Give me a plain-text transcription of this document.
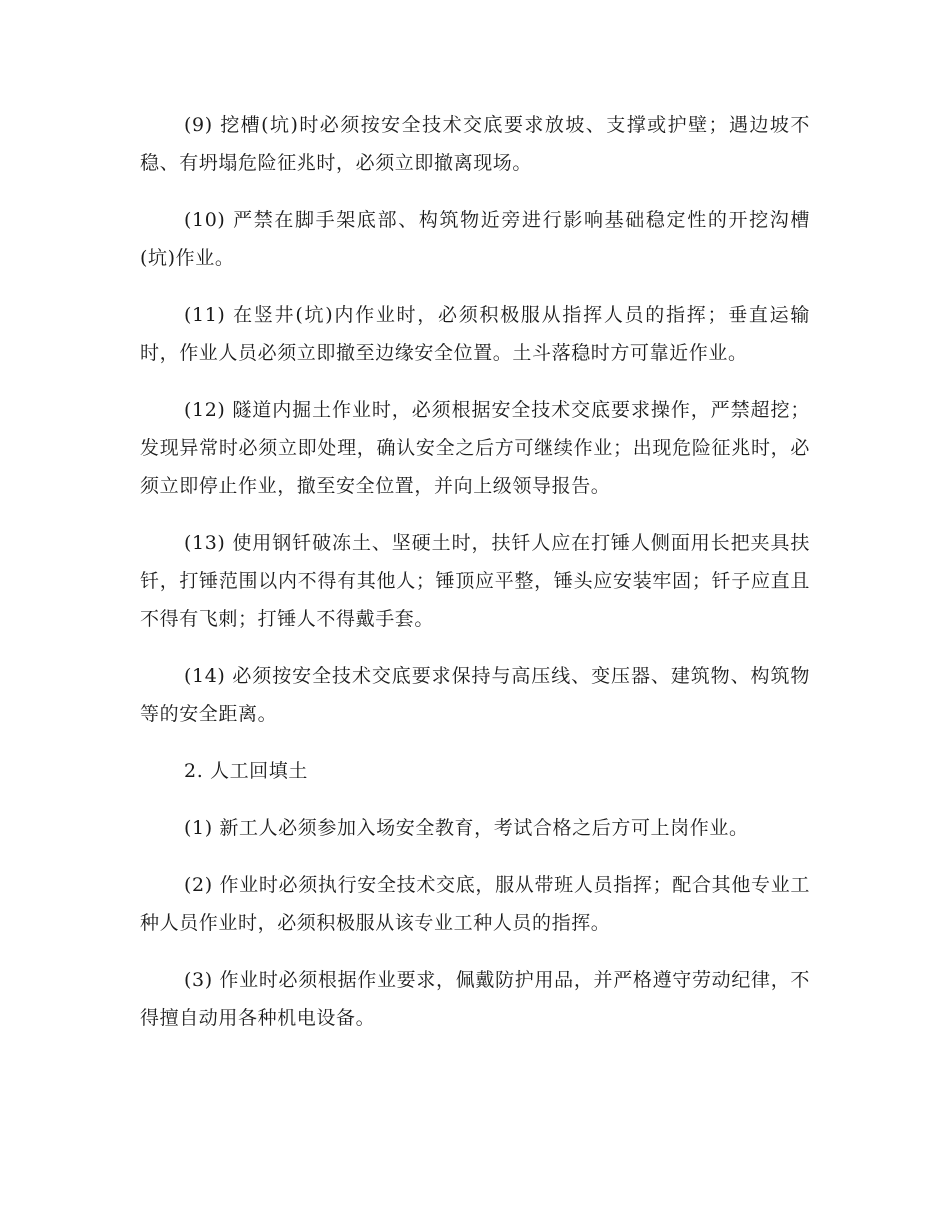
(9) 挖槽(坑)时必须按安全技术交底要求放坡、支撑或护壁；遇边坡不稳、有坍塌危险征兆时，必须立即撤离现场。

(10) 严禁在脚手架底部、构筑物近旁进行影响基础稳定性的开挖沟槽(坑)作业。

(11) 在竖井(坑)内作业时，必须积极服从指挥人员的指挥；垂直运输时，作业人员必须立即撤至边缘安全位置。土斗落稳时方可靠近作业。

(12) 隧道内掘土作业时，必须根据安全技术交底要求操作，严禁超挖；发现异常时必须立即处理，确认安全之后方可继续作业；出现危险征兆时，必须立即停止作业，撤至安全位置，并向上级领导报告。

(13) 使用钢钎破冻土、坚硬土时，扶钎人应在打锤人侧面用长把夹具扶钎，打锤范围以内不得有其他人；锤顶应平整，锤头应安装牢固；钎子应直且不得有飞刺；打锤人不得戴手套。

(14) 必须按安全技术交底要求保持与高压线、变压器、建筑物、构筑物等的安全距离。

2. 人工回填土

(1) 新工人必须参加入场安全教育，考试合格之后方可上岗作业。

(2) 作业时必须执行安全技术交底，服从带班人员指挥；配合其他专业工种人员作业时，必须积极服从该专业工种人员的指挥。

(3) 作业时必须根据作业要求，佩戴防护用品，并严格遵守劳动纪律，不得擅自动用各种机电设备。
